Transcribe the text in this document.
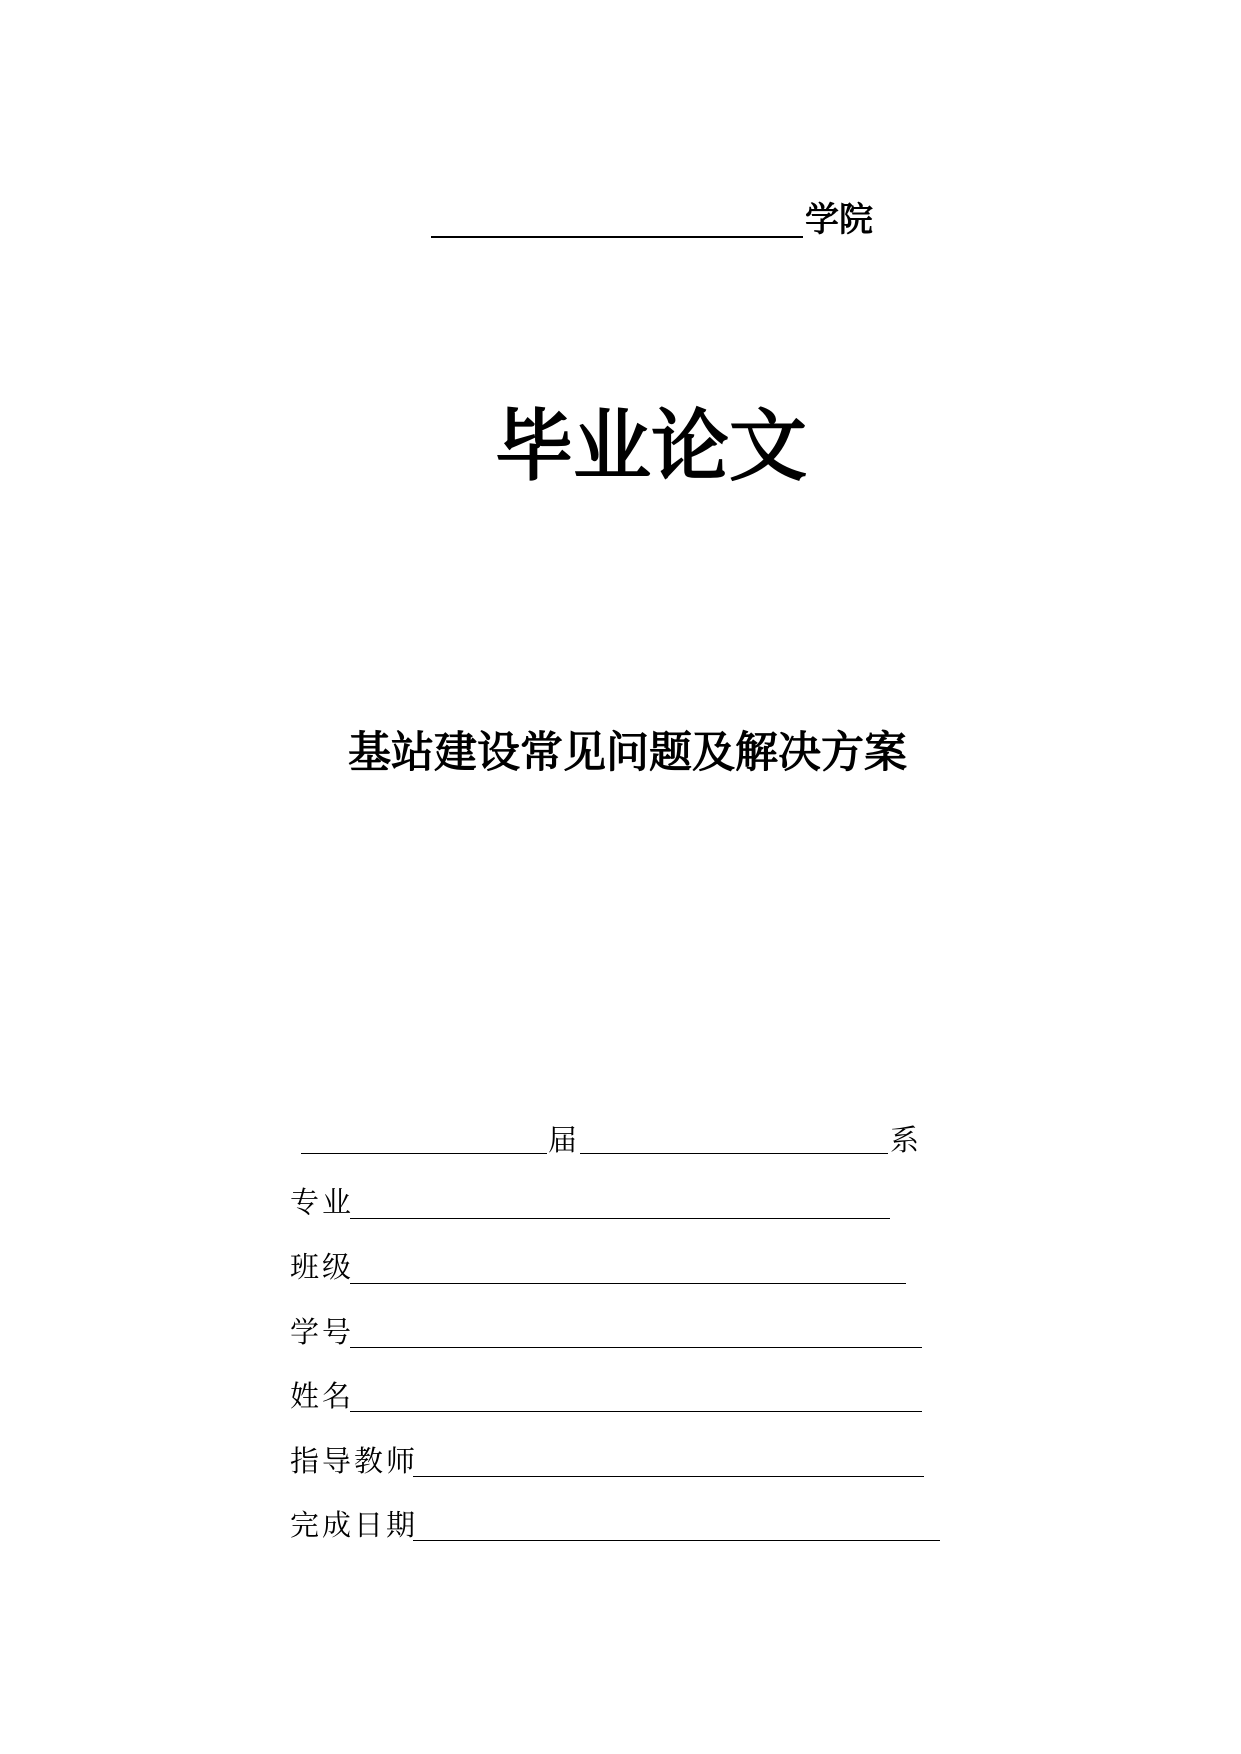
学院
毕业论文
基站建设常见问题及解决方案
届	系
专业
班级
学号
姓名
指导教师
完成日期
